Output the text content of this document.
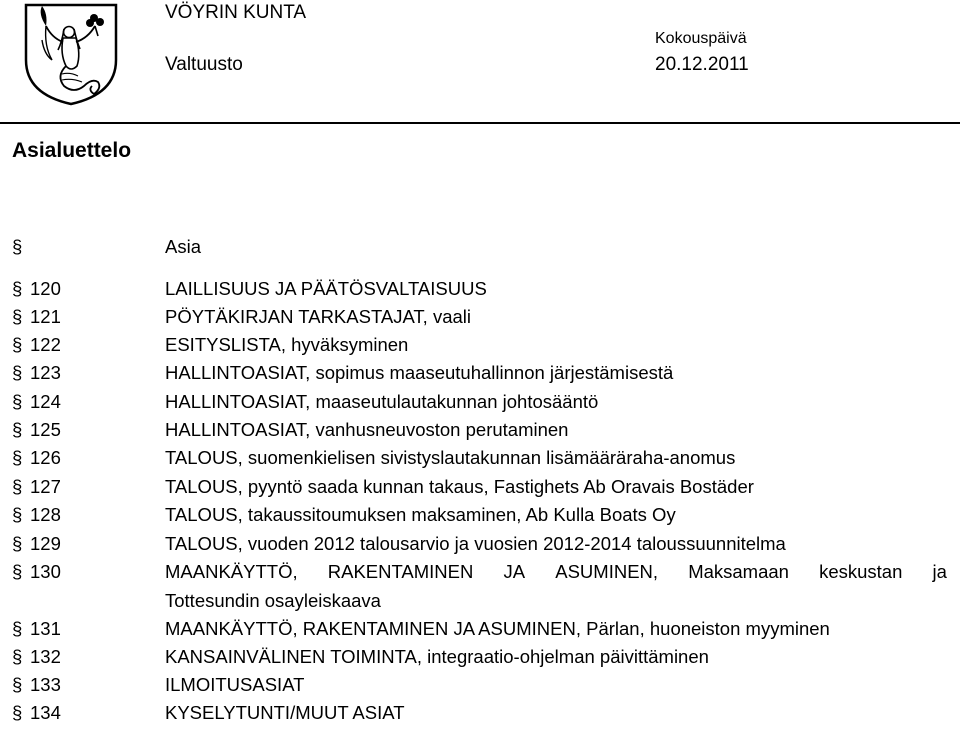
VÖYRIN KUNTA
Valtuusto
Kokouspäivä
20.12.2011
Asialuettelo
§	Asia
§ 120	LAILLISUUS JA PÄÄTÖSVALTAISUUS
§ 121	PÖYTÄKIRJAN TARKASTAJAT, vaali
§ 122	ESITYSLISTA, hyväksyminen
§ 123	HALLINTOASIAT, sopimus maaseutuhallinnon järjestämisestä
§ 124	HALLINTOASIAT, maaseutulautakunnan johtosääntö
§ 125	HALLINTOASIAT, vanhusneuvoston perutaminen
§ 126	TALOUS, suomenkielisen sivistyslautakunnan lisämääräraha-anomus
§ 127	TALOUS, pyyntö saada kunnan takaus, Fastighets Ab Oravais Bostäder
§ 128	TALOUS, takaussitoumuksen maksaminen, Ab Kulla Boats Oy
§ 129	TALOUS, vuoden 2012 talousarvio ja vuosien 2012-2014 taloussuunnitelma
§ 130	MAANKÄYTTÖ, RAKENTAMINEN JA ASUMINEN, Maksamaan keskustan ja
Tottesundin osayleiskaava
§ 131	MAANKÄYTTÖ, RAKENTAMINEN JA ASUMINEN, Pärlan, huoneiston myyminen
§ 132	KANSAINVÄLINEN TOIMINTA, integraatio-ohjelman päivittäminen
§ 133	ILMOITUSASIAT
§ 134	KYSELYTUNTI/MUUT ASIAT
